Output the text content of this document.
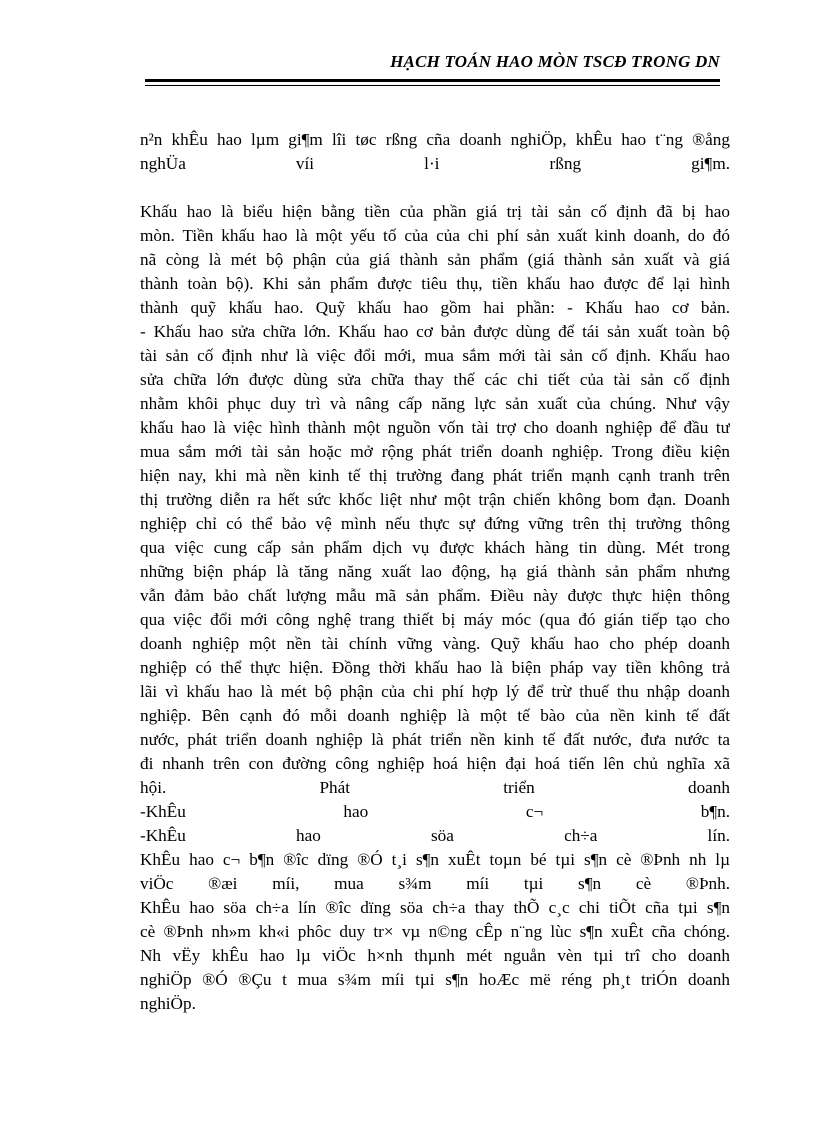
HẠCH TOÁN HAO MÒN TSCĐ TRONG DN
n²n khÊu hao lµm gi¶m lîi tøc rßng cña doanh nghiÖp, khÊu hao t¨ng ®ång
nghÜa víi l·i rßng gi¶m.
Khấu hao là biểu hiện bằng tiền của phần giá trị tài sản cố định đã bị hao
mòn. Tiền khấu hao là một yếu tố của của chi phí sản xuất kinh doanh, do đó
nã còng là mét bộ phận của giá thành sản phẩm (giá thành sản xuất và giá
thành toàn bộ). Khi sản phẩm được tiêu thụ, tiền khấu hao được để lại hình
thành quỹ khấu hao. Quỹ khấu hao gồm hai phần: - Khấu hao cơ bản.
- Khấu hao sửa chữa lớn. Khấu hao cơ bản được dùng để tái sản xuất toàn bộ
tài sản cố định như là việc đổi mới, mua sắm mới tài sản cố định. Khấu hao
sửa chữa lớn được dùng sửa chữa thay thế các chi tiết của tài sản cố định
nhằm khôi phục duy trì và nâng cấp năng lực sản xuất của chúng. Như vậy
khấu hao là việc hình thành một nguồn vốn tài trợ cho doanh nghiệp để đầu tư
mua sắm mới tài sản hoặc mở rộng phát triển doanh nghiệp. Trong điều kiện
hiện nay, khi mà nền kinh tế thị trường đang phát triển mạnh cạnh tranh trên
thị trường diễn ra hết sức khốc liệt như một trận chiến không bom đạn. Doanh
nghiệp chỉ có thể bảo vệ mình nếu thực sự đứng vững trên thị trường thông
qua việc cung cấp sản phẩm dịch vụ được khách hàng tin dùng. Mét trong
những biện pháp là tăng năng xuất lao động, hạ giá thành sản phẩm nhưng
vẫn đảm bảo chất lượng mẫu mã sản phẩm. Điều này được thực hiện thông
qua việc đổi mới công nghệ trang thiết bị máy móc (qua đó gián tiếp tạo cho
doanh nghiệp một nền tài chính vững vàng. Quỹ khấu hao cho phép doanh
nghiệp có thể thực hiện. Đồng thời khấu hao là biện pháp vay tiền không trả
lãi vì khấu hao là mét bộ phận của chi phí hợp lý để trừ thuế thu nhập doanh
nghiệp. Bên cạnh đó mỗi doanh nghiệp là một tế bào của nền kinh tế đất
nước, phát triển doanh nghiệp là phát triển nền kinh tế đất nước, đưa nước ta
đi nhanh trên con đường công nghiệp hoá hiện đại hoá tiến lên chủ nghĩa xã
hội. Phát triển doanh
-KhÊu hao c¬ b¶n.
-KhÊu hao söa ch÷a lín.
KhÊu hao c¬ b¶n ®îc dïng ®Ó t¸i s¶n xuÊt toµn bé tµi s¶n cè ®Þnh nh lµ
viÖc ®æi míi, mua s¾m míi tµi s¶n cè ®Þnh.
KhÊu hao söa ch÷a lín ®îc dïng söa ch÷a thay thÕ c¸c chi tiÕt cña tµi s¶n
cè ®Þnh nh»m kh«i phôc duy tr× vµ n©ng cÊp n¨ng lùc s¶n xuÊt cña chóng.
Nh vËy khÊu hao lµ viÖc h×nh thµnh mét nguån vèn tµi trî cho doanh
nghiÖp ®Ó ®Çu t mua s¾m míi tµi s¶n hoÆc më réng ph¸t triÓn doanh
nghiÖp.
